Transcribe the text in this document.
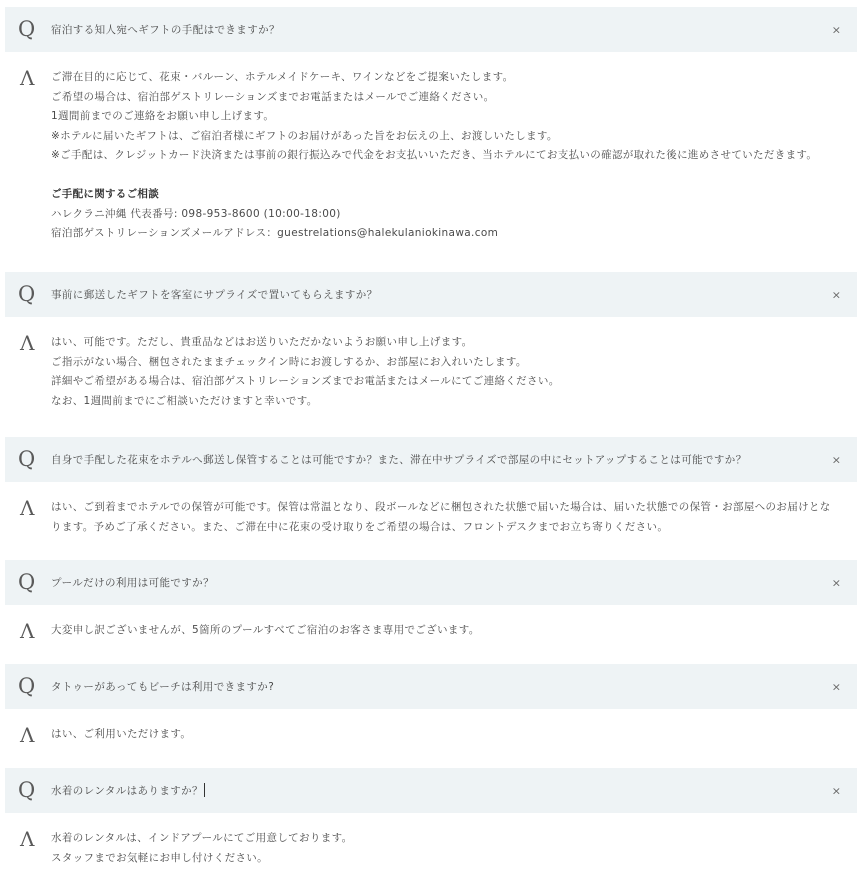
Q 宿泊する知人宛へギフトの手配はできますか？	×
Λ ご滞在目的に応じて、花束・バルーン、ホテルメイドケーキ、ワインなどをご提案いたします。
ご希望の場合は、宿泊部ゲストリレーションズまでお電話またはメールでご連絡ください。
1週間前までのご連絡をお願い申し上げます。
※ホテルに届いたギフトは、ご宿泊者様にギフトのお届けがあった旨をお伝えの上、お渡しいたします。
※ご手配は、クレジットカード決済または事前の銀行振込みで代金をお支払いいただき、当ホテルにてお支払いの確認が取れた後に進めさせていただきます。
ご手配に関するご相談
ハレクラニ沖縄 代表番号: 098-953-8600 (10:00-18:00)
宿泊部ゲストリレーションズメールアドレス：guestrelations@halekulaniokinawa.com
Q 事前に郵送したギフトを客室にサプライズで置いてもらえますか？	×
Λ はい、可能です。ただし、貴重品などはお送りいただかないようお願い申し上げます。
ご指示がない場合、梱包されたままチェックイン時にお渡しするか、お部屋にお入れいたします。
詳細やご希望がある場合は、宿泊部ゲストリレーションズまでお電話またはメールにてご連絡ください。
なお、1週間前までにご相談いただけますと幸いです。
Q 自身で手配した花束をホテルへ郵送し保管することは可能ですか？また、滞在中サプライズで部屋の中にセットアップすることは可能ですか？	×
Λ はい、ご到着までホテルでの保管が可能です。保管は常温となり、段ボールなどに梱包された状態で届いた場合は、届いた状態での保管・お部屋へのお届けとなります。予めご了承ください。また、ご滞在中に花束の受け取りをご希望の場合は、フロントデスクまでお立ち寄りください。
Q プールだけの利用は可能ですか？	×
Λ 大変申し訳ございませんが、5箇所のプールすべてご宿泊のお客さま専用でございます。
Q タトゥーがあってもビーチは利用できますか?	×
Λ はい、ご利用いただけます。
Q 水着のレンタルはありますか？	×
Λ 水着のレンタルは、インドアプールにてご用意しております。
スタッフまでお気軽にお申し付けください。
